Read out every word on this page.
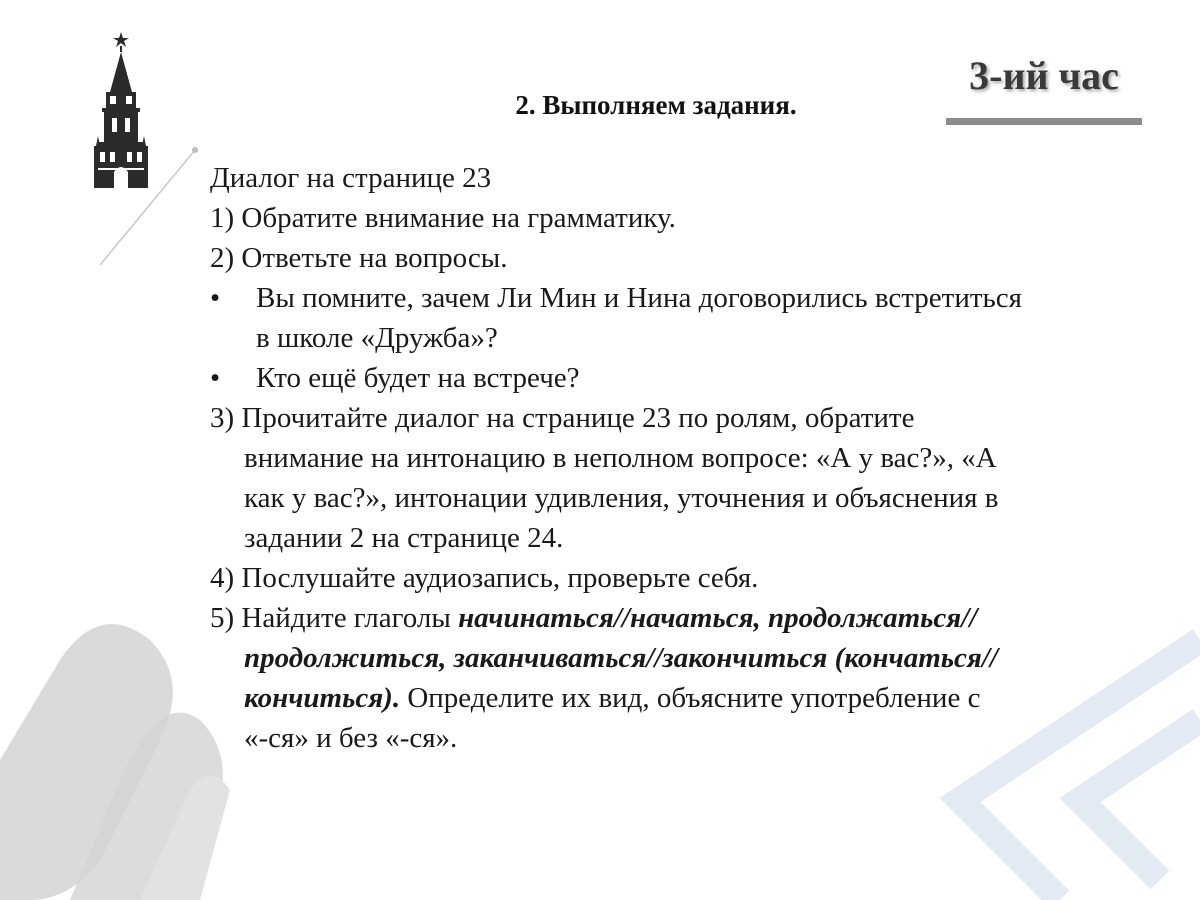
3-ий час
2. Выполняем задания.
Диалог на странице 23
1) Обратите внимание на грамматику.
2) Ответьте на вопросы.
• Вы помните, зачем Ли Мин и Нина договорились встретиться
в школе «Дружба»?
• Кто ещё будет на встрече?
3) Прочитайте диалог на странице 23 по ролям, обратите
внимание на интонацию в неполном вопросе: «А у вас?», «А
как у вас?», интонации удивления, уточнения и объяснения в
задании 2 на странице 24.
4) Послушайте аудиозапись, проверьте себя.
5) Найдите глаголы начинаться//начаться, продолжаться//
продолжиться, заканчиваться//закончиться (кончаться//
кончиться). Определите их вид, объясните употребление с
«-ся» и без «-ся».
